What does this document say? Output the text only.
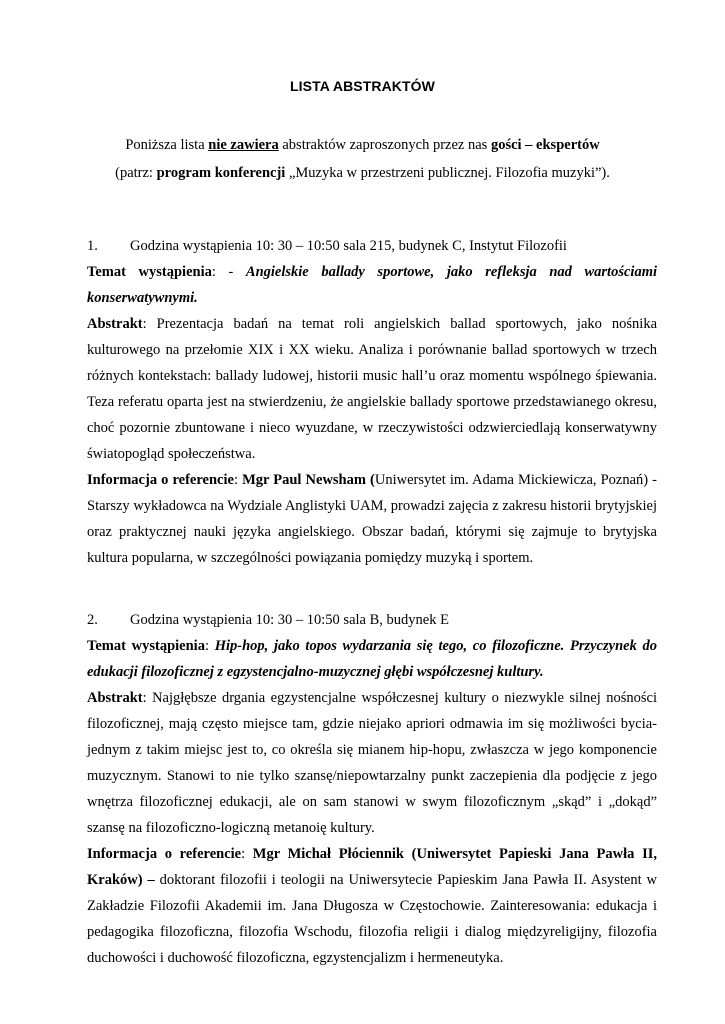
LISTA ABSTRAKTÓW
Poniższa lista nie zawiera abstraktów zaproszonych przez nas gości – ekspertów
(patrz: program konferencji „Muzyka w przestrzeni publicznej. Filozofia muzyki”).
1. Godzina wystąpienia 10: 30 – 10:50 sala 215, budynek C, Instytut Filozofii

Temat wystąpienia: - Angielskie ballady sportowe, jako refleksja nad wartościami konserwatywnymi.

Abstrakt: Prezentacja badań na temat roli angielskich ballad sportowych, jako nośnika kulturowego na przełomie XIX i XX wieku. Analiza i porównanie ballad sportowych w trzech różnych kontekstach: ballady ludowej, historii music hall’u oraz momentu wspólnego śpiewania. Teza referatu oparta jest na stwierdzeniu, że angielskie ballady sportowe przedstawianego okresu, choć pozornie zbuntowane i nieco wyuzdane, w rzeczywistości odzwierciedlają konserwatywny światopogląd społeczeństwa.

Informacja o referencie: Mgr Paul Newsham (Uniwersytet im. Adama Mickiewicza, Poznań) - Starszy wykładowca na Wydziale Anglistyki UAM, prowadzi zajęcia z zakresu historii brytyjskiej oraz praktycznej nauki języka angielskiego. Obszar badań, którymi się zajmuje to brytyjska kultura popularna, w szczególności powiązania pomiędzy muzyką i sportem.

2. Godzina wystąpienia 10: 30 – 10:50 sala B, budynek E

Temat wystąpienia: Hip-hop, jako topos wydarzania się tego, co filozoficzne. Przyczynek do edukacji filozoficznej z egzystencjalno-muzycznej głębi współczesnej kultury.

Abstrakt: Najgłębsze drgania egzystencjalne współczesnej kultury o niezwykle silnej nośności filozoficznej, mają często miejsce tam, gdzie niejako apriori odmawia im się możliwości bycia-jednym z takim miejsc jest to, co określa się mianem hip-hopu, zwłaszcza w jego komponencie muzycznym. Stanowi to nie tylko szansę/niepowtarzalny punkt zaczepienia dla podjęcie z jego wnętrza filozoficznej edukacji, ale on sam stanowi w swym filozoficznym „skąd” i „dokąd” szansę na filozoficzno-logiczną metanoię kultury.

Informacja o referencie: Mgr Michał Płóciennik (Uniwersytet Papieski Jana Pawła II, Kraków) – doktorant filozofii i teologii na Uniwersytecie Papieskim Jana Pawła II. Asystent w Zakładzie Filozofii Akademii im. Jana Długosza w Częstochowie. Zainteresowania: edukacja i pedagogika filozoficzna, filozofia Wschodu, filozofia religii i dialog międzyreligijny, filozofia duchowości i duchowość filozoficzna, egzystencjalizm i hermeneutyka.
